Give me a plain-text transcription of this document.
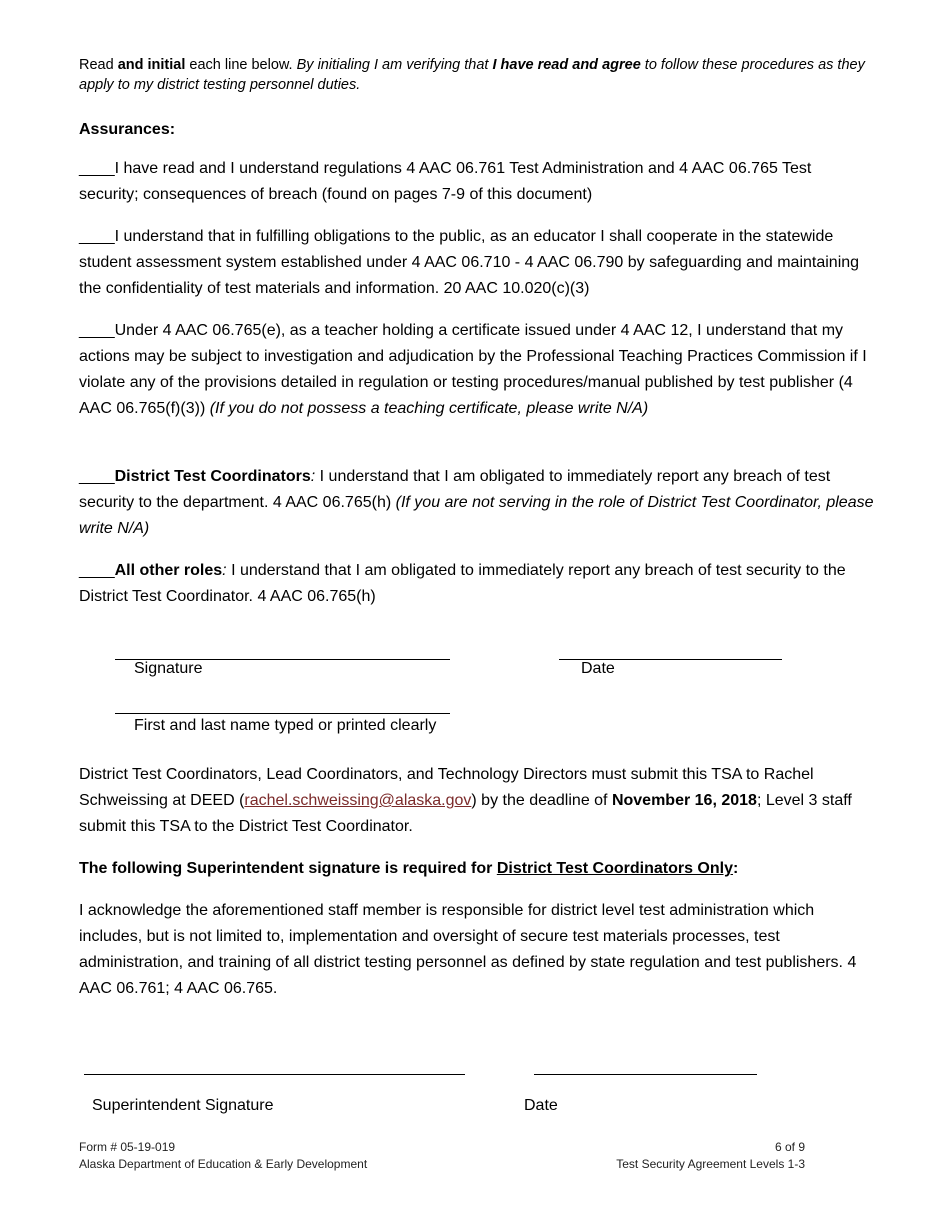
Read and initial each line below. By initialing I am verifying that I have read and agree to follow these procedures as they apply to my district testing personnel duties.

Assurances:

____I have read and I understand regulations 4 AAC 06.761 Test Administration and 4 AAC 06.765 Test security; consequences of breach (found on pages 7-9 of this document)

____I understand that in fulfilling obligations to the public, as an educator I shall cooperate in the statewide student assessment system established under 4 AAC 06.710 - 4 AAC 06.790 by safeguarding and maintaining the confidentiality of test materials and information. 20 AAC 10.020(c)(3)

____Under 4 AAC 06.765(e), as a teacher holding a certificate issued under 4 AAC 12, I understand that my actions may be subject to investigation and adjudication by the Professional Teaching Practices Commission if I violate any of the provisions detailed in regulation or testing procedures/manual published by test publisher (4 AAC 06.765(f)(3)) (If you do not possess a teaching certificate, please write N/A)

____District Test Coordinators: I understand that I am obligated to immediately report any breach of test security to the department. 4 AAC 06.765(h) (If you are not serving in the role of District Test Coordinator, please write N/A)

____All other roles: I understand that I am obligated to immediately report any breach of test security to the District Test Coordinator. 4 AAC 06.765(h)

Signature	Date
First and last name typed or printed clearly

District Test Coordinators, Lead Coordinators, and Technology Directors must submit this TSA to Rachel Schweissing at DEED (rachel.schweissing@alaska.gov) by the deadline of November 16, 2018; Level 3 staff submit this TSA to the District Test Coordinator.

The following Superintendent signature is required for District Test Coordinators Only:

I acknowledge the aforementioned staff member is responsible for district level test administration which includes, but is not limited to, implementation and oversight of secure test materials processes, test administration, and training of all district testing personnel as defined by state regulation and test publishers. 4 AAC 06.761; 4 AAC 06.765.

Superintendent Signature	Date
Form # 05-19-019
Alaska Department of Education & Early Development
6 of 9
Test Security Agreement Levels 1-3
